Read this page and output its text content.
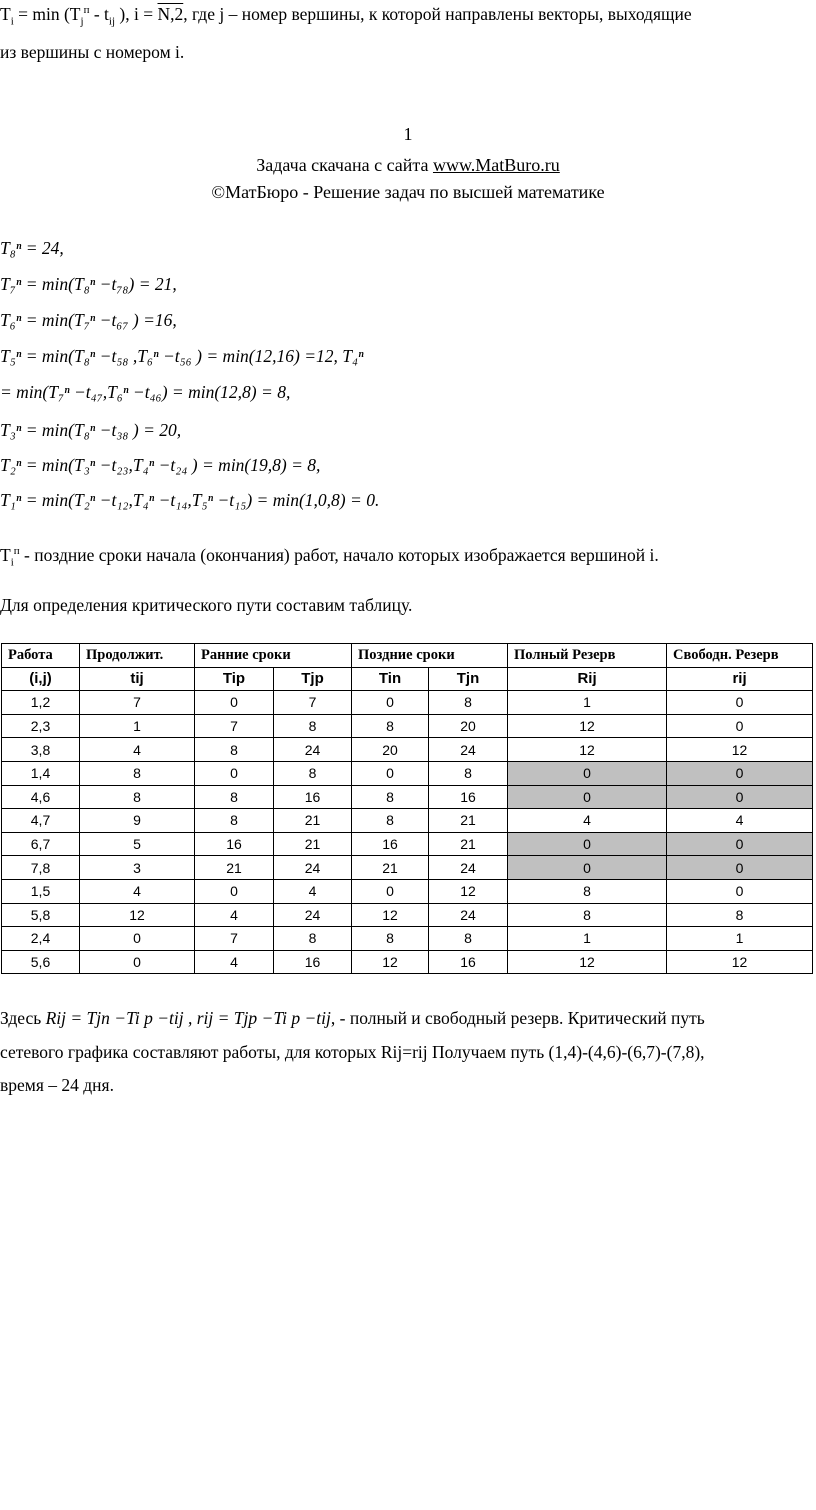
$T_i = \min (T_j^п - t_{ij}$ ), i = N,2, где j – номер вершины, к которой направлены векторы, выходящие
из вершины с номером i.
1
Задача скачана с сайта www.MatBuro.ru
©МатБюро - Решение задач по высшей математике
T₈ⁿ = 24,
T₇ⁿ = min(T₈ⁿ −t₇₈) = 21,
T₆ⁿ = min(T₇ⁿ −t₆₇ ) =16,
T₅ⁿ = min(T₈ⁿ −t₅₈ ,T₆ⁿ −t₅₆ ) = min(12,16) =12, T₄ⁿ
= min(T₇ⁿ −t₄₇,T₆ⁿ −t₄₆) = min(12,8) = 8,
T₃ⁿ = min(T₈ⁿ −t₃₈ ) = 20,
T₂ⁿ = min(T₃ⁿ −t₂₃,T₄ⁿ −t₂₄ ) = min(19,8) = 8,
T₁ⁿ = min(T₂ⁿ −t₁₂,T₄ⁿ −t₁₄,T₅ⁿ −t₁₅) = min(1,0,8) = 0.
$T_i^п$ - поздние сроки начала (окончания) работ, начало которых изображается вершиной i.
Для определения критического пути составим таблицу.
Работа	Продолжит.	Ранние сроки		Поздние сроки		Полный Резерв	Свободн. Резерв
(i,j)	tij	Tip	Tjp	Tin	Tjn	Rij	rij
1,2	7	0	7	0	8	1	0
2,3	1	7	8	8	20	12	0
3,8	4	8	24	20	24	12	12
1,4	8	0	8	0	8	0	0
4,6	8	8	16	8	16	0	0
4,7	9	8	21	8	21	4	4
6,7	5	16	21	16	21	0	0
7,8	3	21	24	21	24	0	0
1,5	4	0	4	0	12	8	0
5,8	12	4	24	12	24	8	8
2,4	0	7	8	8	8	1	1
5,6	0	4	16	12	16	12	12
Здесь Rij = Tjп −Ti p −tij , rij = Tjp −Ti p −tij, - полный и свободный резерв. Критический путь
сетевого графика составляют работы, для которых Rij=rij Получаем путь (1,4)-(4,6)-(6,7)-(7,8),
время – 24 дня.
